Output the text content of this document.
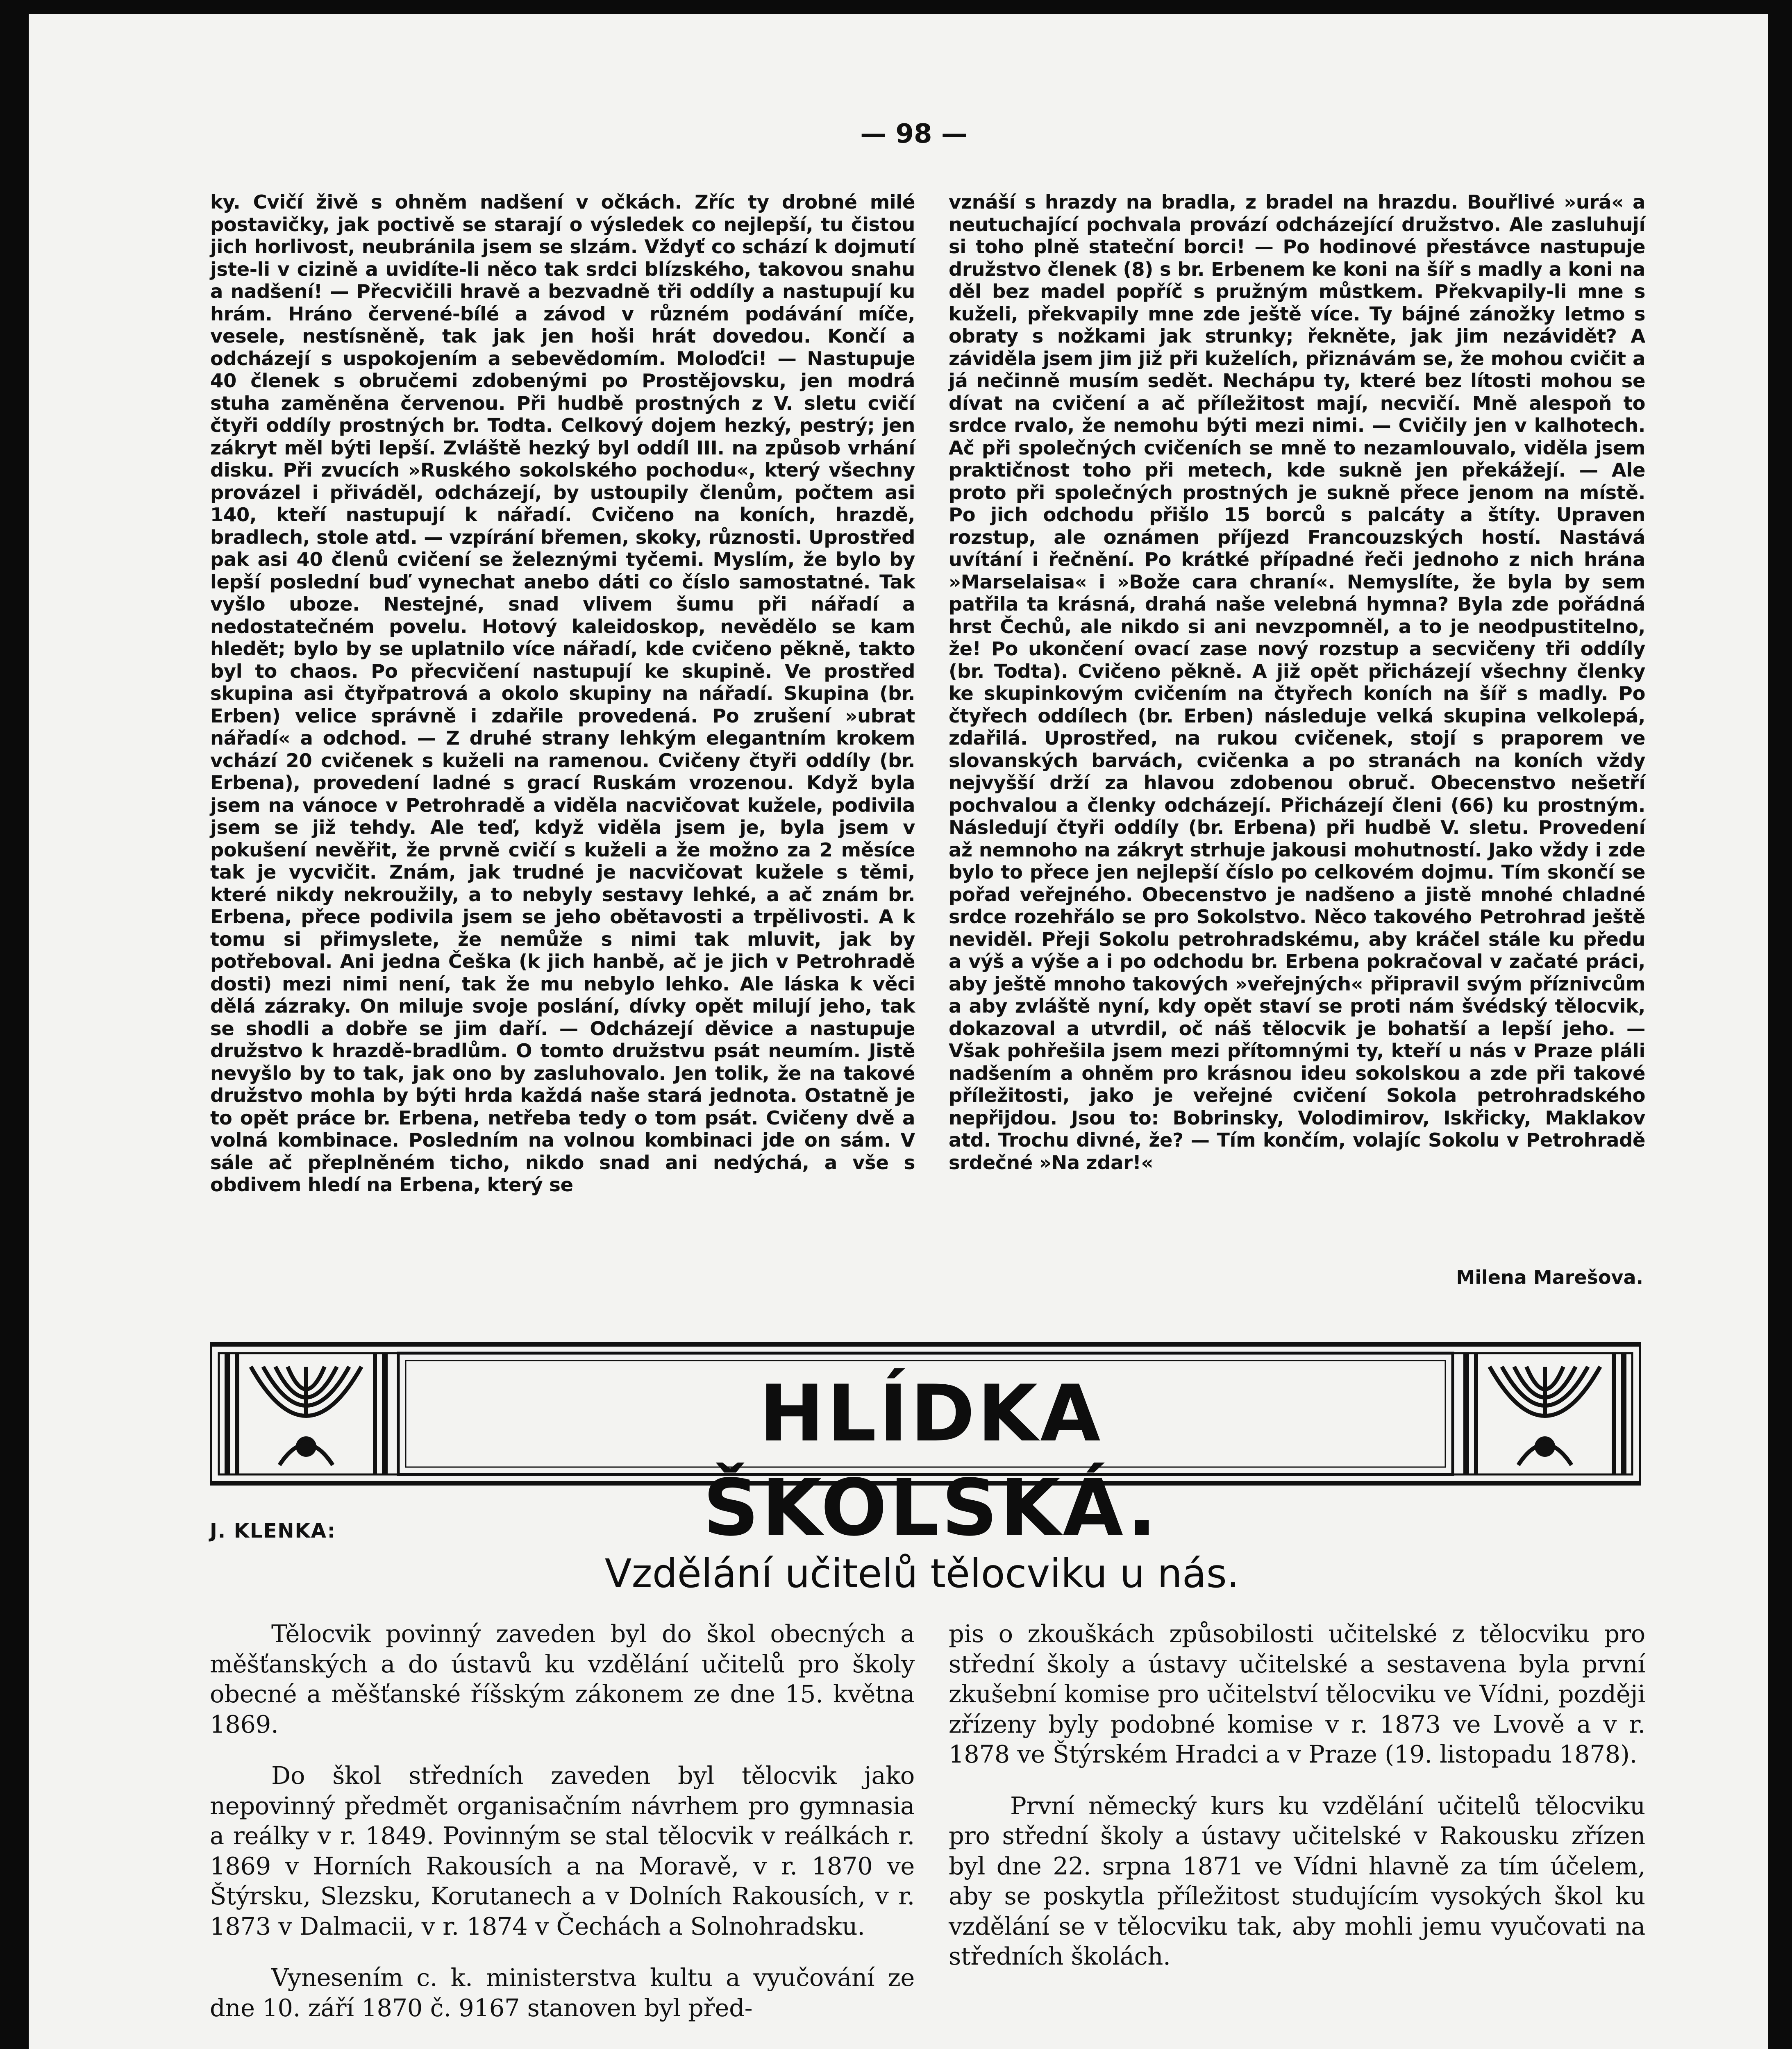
— 98 —
ky. Cvičí živě s ohněm nadšení v očkách. Zříc ty drobné milé postavičky, jak poctivě se starají o výsledek co nejlepší, tu čistou jich horlivost, neubránila jsem se slzám. Vždyť co schází k dojmutí jste-li v cizině a uvidíte-li něco tak srdci blízského, takovou snahu a nadšení! — Přecvičili hravě a bezvadně tři oddíly a nastupují ku hrám. Hráno červené-bílé a závod v různém podávání míče, vesele, nestísněně, tak jak jen hoši hrát dovedou. Končí a odcházejí s uspokojením a sebevědomím. Moloďci! — Nastupuje 40 členek s obručemi zdobenými po Prostějovsku, jen modrá stuha zaměněna červenou. Při hudbě prostných z V. sletu cvičí čtyři oddíly prostných br. Todta. Celkový dojem hezký, pestrý; jen zákryt měl býti lepší. Zvláště hezký byl oddíl III. na způsob vrhání disku. Při zvucích »Ruského sokolského pochodu«, který všechny provázel i přiváděl, odcházejí, by ustoupily členům, počtem asi 140, kteří nastupují k nářadí. Cvičeno na koních, hrazdě, bradlech, stole atd. — vzpírání břemen, skoky, různosti. Uprostřed pak asi 40 členů cvičení se železnými tyčemi. Myslím, že bylo by lepší poslední buď vynechat anebo dáti co číslo samostatné. Tak vyšlo uboze. Nestejné, snad vlivem šumu při nářadí a nedostatečném povelu. Hotový kaleidoskop, nevědělo se kam hledět; bylo by se uplatnilo více nářadí, kde cvičeno pěkně, takto byl to chaos. Po přecvičení nastupují ke skupině. Ve prostřed skupina asi čtyřpatrová a okolo skupiny na nářadí. Skupina (br. Erben) velice správně i zdařile provedená. Po zrušení »ubrat nářadí« a odchod. — Z druhé strany lehkým elegantním krokem vchází 20 cvičenek s kuželi na ramenou. Cvičeny čtyři oddíly (br. Erbena), provedení ladné s grací Ruskám vrozenou. Když byla jsem na vánoce v Petrohradě a viděla nacvičovat kužele, podivila jsem se již tehdy. Ale teď, když viděla jsem je, byla jsem v pokušení nevěřit, že prvně cvičí s kuželi a že možno za 2 měsíce tak je vycvičit. Znám, jak trudné je nacvičovat kužele s těmi, které nikdy nekroužily, a to nebyly sestavy lehké, a ač znám br. Erbena, přece podivila jsem se jeho obětavosti a trpělivosti. A k tomu si přimyslete, že nemůže s nimi tak mluvit, jak by potřeboval. Ani jedna Češka (k jich hanbě, ač je jich v Petrohradě dosti) mezi nimi není, tak že mu nebylo lehko. Ale láska k věci dělá zázraky. On miluje svoje poslání, dívky opět milují jeho, tak se shodli a dobře se jim daří. — Odcházejí děvice a nastupuje družstvo k hrazdě-bradlům. O tomto družstvu psát neumím. Jistě nevyšlo by to tak, jak ono by zasluhovalo. Jen tolik, že na takové družstvo mohla by býti hrda každá naše stará jednota. Ostatně je to opět práce br. Erbena, netřeba tedy o tom psát. Cvičeny dvě a volná kombinace. Posledním na volnou kombinaci jde on sám. V sále ač přeplněném ticho, nikdo snad ani nedýchá, a vše s obdivem hledí na Erbena, který se
vznáší s hrazdy na bradla, z bradel na hrazdu. Bouřlivé »urá« a neutuchající pochvala provází odcházející družstvo. Ale zasluhují si toho plně stateční borci! — Po hodinové přestávce nastupuje družstvo členek (8) s br. Erbenem ke koni na šíř s madly a koni na děl bez madel popříč s pružným můstkem. Překvapily-li mne s kuželi, překvapily mne zde ještě více. Ty bájné zánožky letmo s obraty s nožkami jak strunky; řekněte, jak jim nezávidět? A záviděla jsem jim již při kuželích, přiznávám se, že mohou cvičit a já nečinně musím sedět. Nechápu ty, které bez lítosti mohou se dívat na cvičení a ač příležitost mají, necvičí. Mně alespoň to srdce rvalo, že nemohu býti mezi nimi. — Cvičily jen v kalhotech. Ač při společných cvičeních se mně to nezamlouvalo, viděla jsem praktičnost toho při metech, kde sukně jen překážejí. — Ale proto při společných prostných je sukně přece jenom na místě. Po jich odchodu přišlo 15 borců s palcáty a štíty. Upraven rozstup, ale oznámen příjezd Francouzských hostí. Nastává uvítání i řečnění. Po krátké případné řeči jednoho z nich hrána »Marselaisa« i »Bože cara chraní«. Nemyslíte, že byla by sem patřila ta krásná, drahá naše velebná hymna? Byla zde pořádná hrst Čechů, ale nikdo si ani nevzpomněl, a to je neodpustitelno, že! Po ukončení ovací zase nový rozstup a secvičeny tři oddíly (br. Todta). Cvičeno pěkně. A již opět přicházejí všechny členky ke skupinkovým cvičením na čtyřech koních na šíř s madly. Po čtyřech oddílech (br. Erben) následuje velká skupina velkolepá, zdařilá. Uprostřed, na rukou cvičenek, stojí s praporem ve slovanských barvách, cvičenka a po stranách na koních vždy nejvyšší drží za hlavou zdobenou obruč. Obecenstvo nešetří pochvalou a členky odcházejí. Přicházejí členi (66) ku prostným. Následují čtyři oddíly (br. Erbena) při hudbě V. sletu. Provedení až nemnoho na zákryt strhuje jakousi mohutností. Jako vždy i zde bylo to přece jen nejlepší číslo po celkovém dojmu. Tím skončí se pořad veřejného. Obecenstvo je nadšeno a jistě mnohé chladné srdce rozehřálo se pro Sokolstvo. Něco takového Petrohrad ještě neviděl. Přeji Sokolu petrohradskému, aby kráčel stále ku předu a výš a výše a i po odchodu br. Erbena pokračoval v začaté práci, aby ještě mnoho takových »veřejných« připravil svým příznivcům a aby zvláště nyní, kdy opět staví se proti nám švédský tělocvik, dokazoval a utvrdil, oč náš tělocvik je bohatší a lepší jeho. — Však pohřešila jsem mezi přítomnými ty, kteří u nás v Praze pláli nadšením a ohněm pro krásnou ideu sokolskou a zde při takové příležitosti, jako je veřejné cvičení Sokola petrohradského nepřijdou. Jsou to: Bobrinsky, Volodimirov, Iskřicky, Maklakov atd. Trochu divné, že? — Tím končím, volajíc Sokolu v Petrohradě srdečné »Na zdar!«
Milena Marešova.
HLÍDKA ŠKOLSKÁ.
J. KLENKA:
Vzdělání učitelů tělocviku u nás.

Tělocvik povinný zaveden byl do škol obecných a měšťanských a do ústavů ku vzdělání učitelů pro školy obecné a měšťanské říšským zákonem ze dne 15. května 1869.

Do škol středních zaveden byl tělocvik jako nepovinný předmět organisačním návrhem pro gymnasia a reálky v r. 1849. Povinným se stal tělocvik v reálkách r. 1869 v Horních Rakousích a na Moravě, v r. 1870 ve Štýrsku, Slezsku, Korutanech a v Dolních Rakousích, v r. 1873 v Dalmacii, v r. 1874 v Čechách a Solnohradsku.

Vynesením c. k. ministerstva kultu a vyučování ze dne 10. září 1870 č. 9167 stanoven byl před-

pis o zkouškách způsobilosti učitelské z tělocviku pro střední školy a ústavy učitelské a sestavena byla první zkušební komise pro učitelství tělocviku ve Vídni, později zřízeny byly podobné komise v r. 1873 ve Lvově a v r. 1878 ve Štýrském Hradci a v Praze (19. listopadu 1878).

První německý kurs ku vzdělání učitelů tělocviku pro střední školy a ústavy učitelské v Rakousku zřízen byl dne 22. srpna 1871 ve Vídni hlavně za tím účelem, aby se poskytla příležitost studujícím vysokých škol ku vzdělání se v tělocviku tak, aby mohli jemu vyučovati na středních školách.
